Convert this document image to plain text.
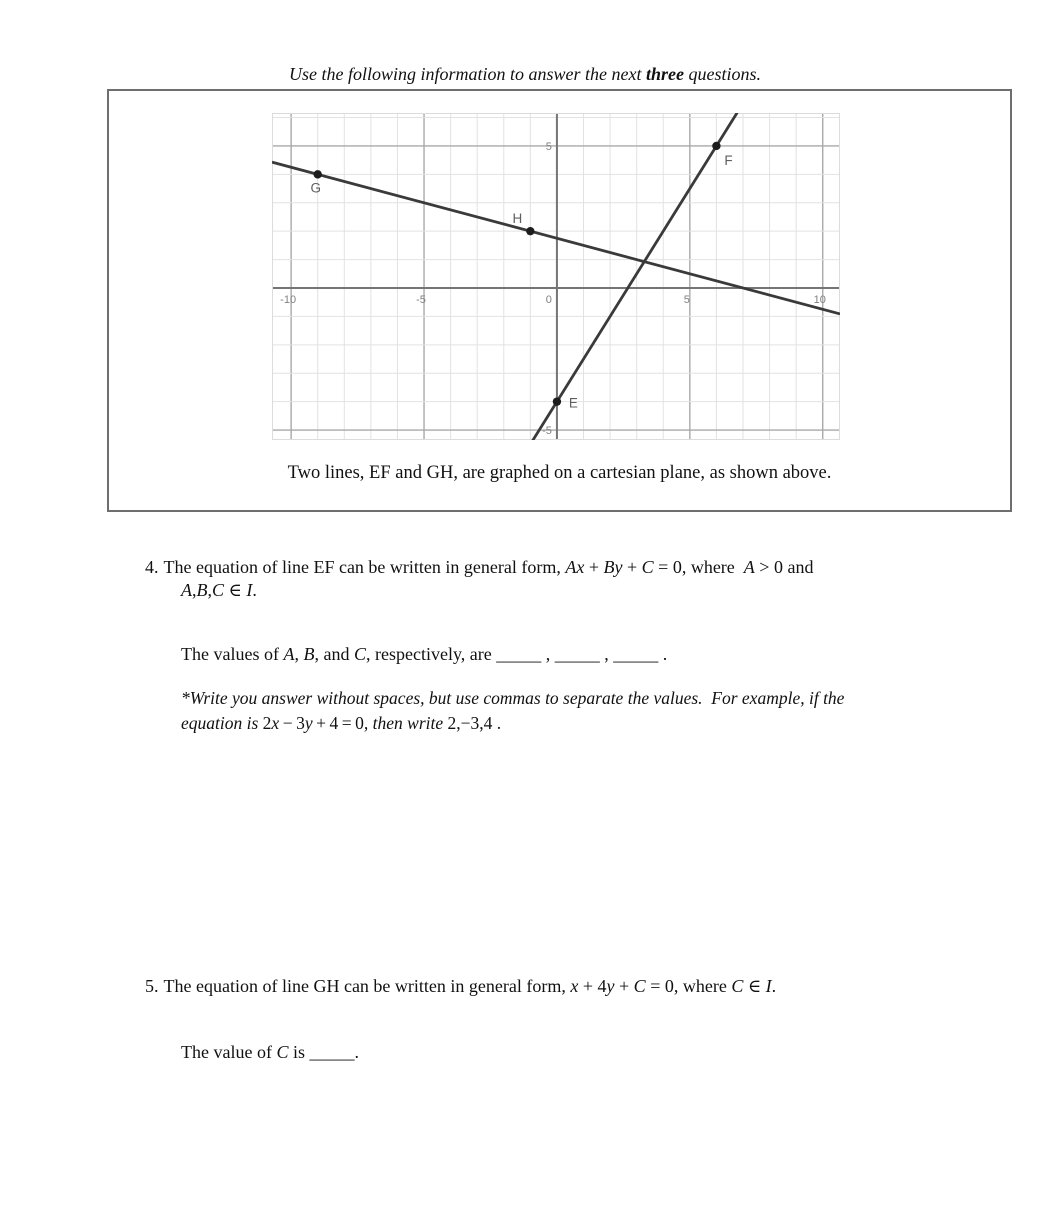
Use the following information to answer the next three questions.
-10	-5	0	5	10
5
-5
E
F
G
H
Two lines, EF and GH, are graphed on a cartesian plane, as shown above.
4. The equation of line EF can be written in general form, Ax + By + C = 0, where  A > 0 and
A,B,C ∈ I.
The values of A, B, and C, respectively, are _____ , _____ , _____ .
*Write you answer without spaces, but use commas to separate the values.  For example, if the
equation is 2x − 3y + 4 = 0, then write 2,−3,4 .
5. The equation of line GH can be written in general form, x + 4y + C = 0, where C ∈ I.
The value of C is _____.
